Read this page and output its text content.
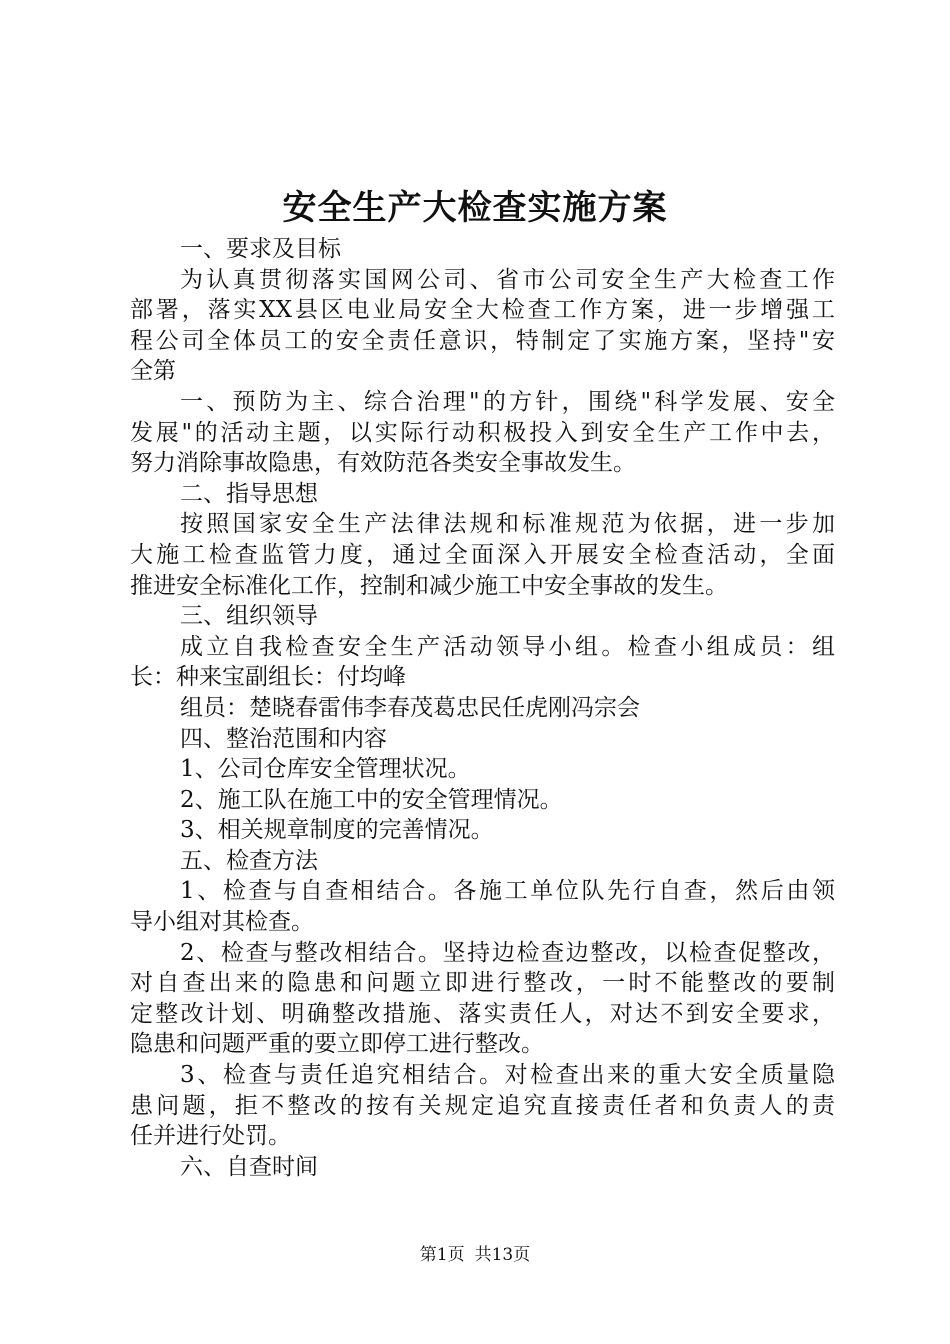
安全生产大检查实施方案
一、要求及目标
为认真贯彻落实国网公司、省市公司安全生产大检查工作
部署，落实XX县区电业局安全大检查工作方案，进一步增强工
程公司全体员工的安全责任意识，特制定了实施方案，坚持"安
全第
一、预防为主、综合治理"的方针，围绕"科学发展、安全
发展"的活动主题，以实际行动积极投入到安全生产工作中去，
努力消除事故隐患，有效防范各类安全事故发生。
二、指导思想
按照国家安全生产法律法规和标准规范为依据，进一步加
大施工检查监管力度，通过全面深入开展安全检查活动，全面
推进安全标准化工作，控制和减少施工中安全事故的发生。
三、组织领导
成立自我检查安全生产活动领导小组。检查小组成员：组
长：种来宝副组长：付均峰
组员：楚晓春雷伟李春茂葛忠民任虎刚冯宗会
四、整治范围和内容
1、公司仓库安全管理状况。
2、施工队在施工中的安全管理情况。
3、相关规章制度的完善情况。
五、检查方法
1、检查与自查相结合。各施工单位队先行自查，然后由领
导小组对其检查。
2、检查与整改相结合。坚持边检查边整改，以检查促整改，
对自查出来的隐患和问题立即进行整改，一时不能整改的要制
定整改计划、明确整改措施、落实责任人，对达不到安全要求，
隐患和问题严重的要立即停工进行整改。
3、检查与责任追究相结合。对检查出来的重大安全质量隐
患问题，拒不整改的按有关规定追究直接责任者和负责人的责
任并进行处罚。
六、自查时间
第1页 共13页
